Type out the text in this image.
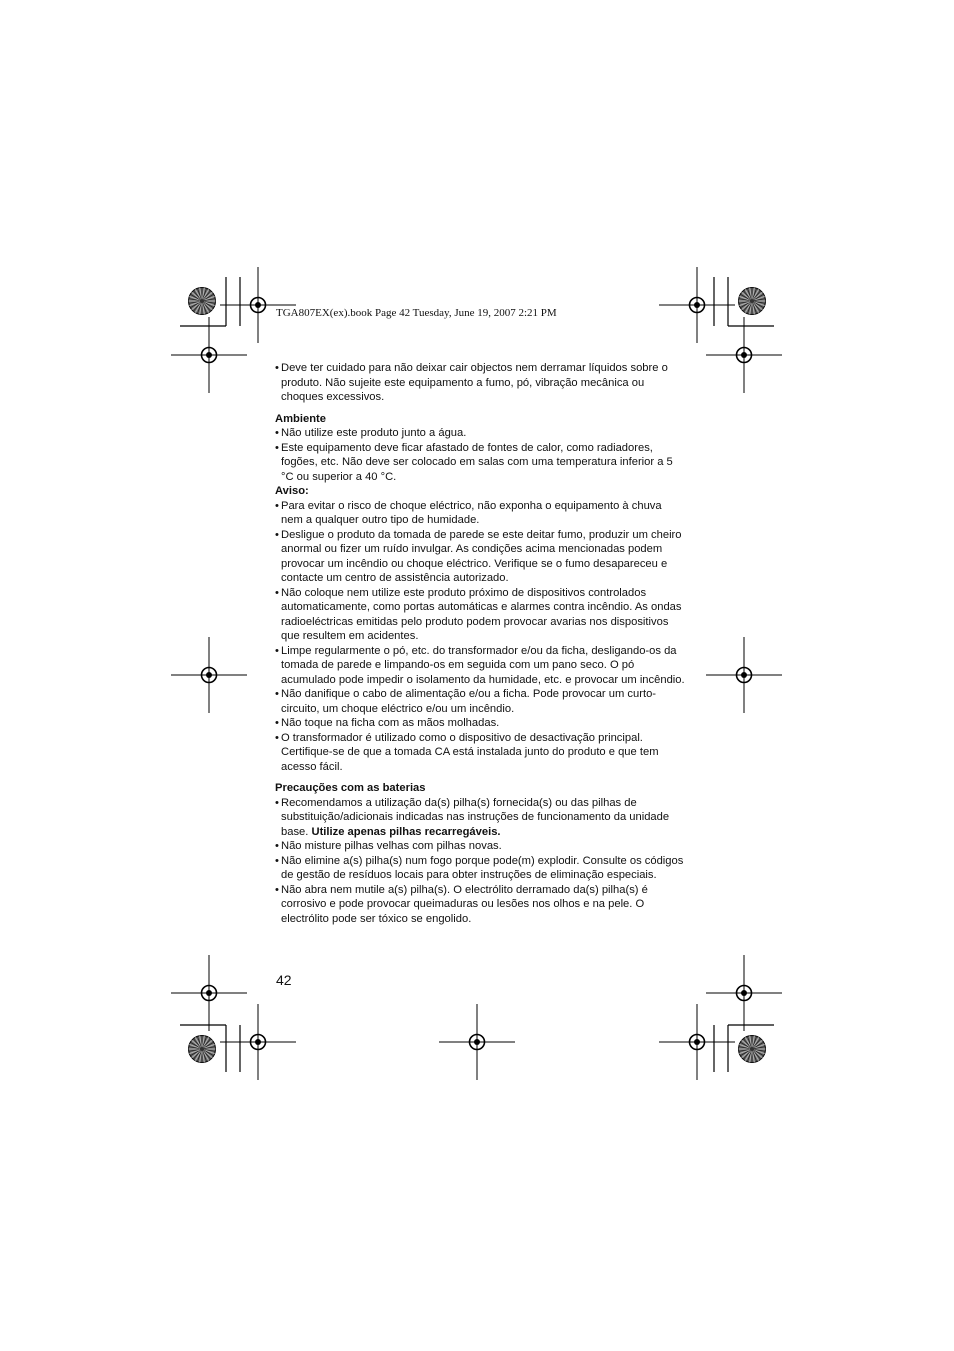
TGA807EX(ex).book Page 42 Tuesday, June 19, 2007 2:21 PM

• Deve ter cuidado para não deixar cair objectos nem derramar líquidos sobre o produto. Não sujeite este equipamento a fumo, pó, vibração mecânica ou choques excessivos.

Ambiente

• Não utilize este produto junto a água.

• Este equipamento deve ficar afastado de fontes de calor, como radiadores, fogões, etc. Não deve ser colocado em salas com uma temperatura inferior a 5 °C ou superior a 40 °C.

Aviso:

• Para evitar o risco de choque eléctrico, não exponha o equipamento à chuva nem a qualquer outro tipo de humidade.

• Desligue o produto da tomada de parede se este deitar fumo, produzir um cheiro anormal ou fizer um ruído invulgar. As condições acima mencionadas podem provocar um incêndio ou choque eléctrico. Verifique se o fumo desapareceu e contacte um centro de assistência autorizado.

• Não coloque nem utilize este produto próximo de dispositivos controlados automaticamente, como portas automáticas e alarmes contra incêndio. As ondas radioeléctricas emitidas pelo produto podem provocar avarias nos dispositivos que resultem em acidentes.

• Limpe regularmente o pó, etc. do transformador e/ou da ficha, desligando-os da tomada de parede e limpando-os em seguida com um pano seco. O pó acumulado pode impedir o isolamento da humidade, etc. e provocar um incêndio.

• Não danifique o cabo de alimentação e/ou a ficha. Pode provocar um curto-circuito, um choque eléctrico e/ou um incêndio.

• Não toque na ficha com as mãos molhadas.

• O transformador é utilizado como o dispositivo de desactivação principal. Certifique-se de que a tomada CA está instalada junto do produto e que tem acesso fácil.

Precauções com as baterias

• Recomendamos a utilização da(s) pilha(s) fornecida(s) ou das pilhas de substituição/adicionais indicadas nas instruções de funcionamento da unidade base. Utilize apenas pilhas recarregáveis.

• Não misture pilhas velhas com pilhas novas.

• Não elimine a(s) pilha(s) num fogo porque pode(m) explodir. Consulte os códigos de gestão de resíduos locais para obter instruções de eliminação especiais.

• Não abra nem mutile a(s) pilha(s). O electrólito derramado da(s) pilha(s) é corrosivo e pode provocar queimaduras ou lesões nos olhos e na pele. O electrólito pode ser tóxico se engolido.

42
